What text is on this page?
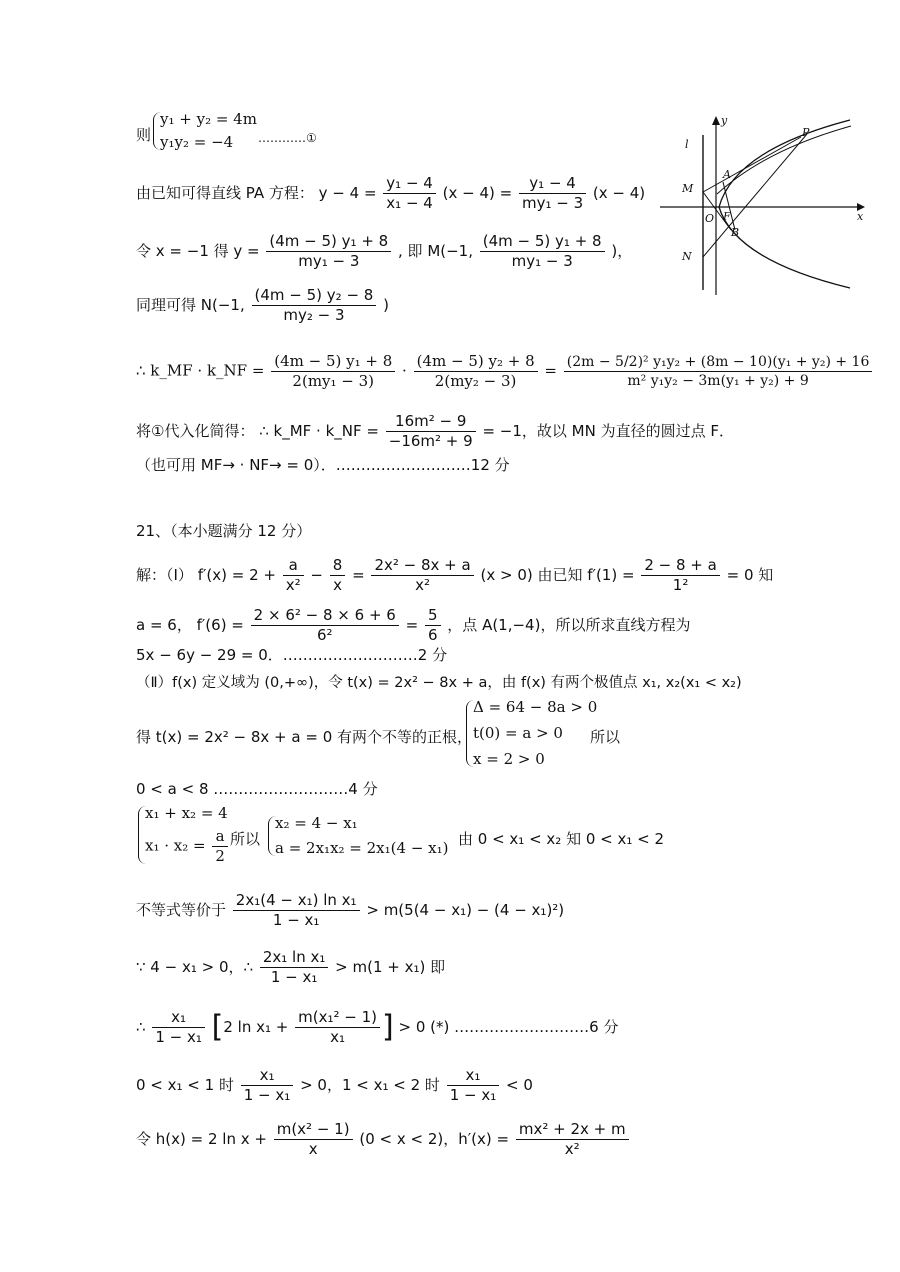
则
y₁ + y₂ = 4m
y₁y₂ = −4	…………①
由已知可得直线 PA 方程： $y - 4 = \frac{\text{y₁ − 4}}{\text{x₁ − 4}} (x - 4) = \frac{\text{y₁ − 4}}{\text{my₁ − 3}} (x - 4)$
令 x = −1 得 $y = \frac{\text{(4m − 5) y₁ + 8}}{\text{my₁ − 3}}$ , 即 M(−1, $\frac{\text{(4m − 5) y₁ + 8}}{\text{my₁ − 3}}$ )，
同理可得 N(−1, $\frac{\text{(4m − 5) y₂ − 8}}{\text{my₂ − 3}}$ )
∴ k_MF · k_NF = $\frac{\text{(4m − 5) y₁ + 8}}{\text{2(my₁ − 3)}} \cdot \frac{\text{(4m − 5) y₂ + 8}}{\text{2(my₂ − 3)}} = \frac{\text{(2m − 5/2)² y₁y₂ + (8m − 10)(y₁ + y₂) + 16}}{\text{m² y₁y₂ − 3m(y₁ + y₂) + 9}}$
将①代入化简得： ∴ k_MF · k_NF = $\frac{\text{16m² − 9}}{\text{−16m² + 9}} = -1$，故以 MN 为直径的圆过点 F．
（也可用 MF→ · NF→ = 0）．………………………12 分
P
M
A
O F
B
N
l
y
x
21、（本小题满分 12 分）
解：（Ⅰ） $f'(x) = 2 + \frac{a}{\text{x²}} - \frac{8}{x} = \frac{\text{2x² − 8x + a}}{\text{x²}} (x > 0)$ 由已知 $f'(1) = \frac{2 - 8 + a}{\text{1²}} = 0$ 知
a = 6， $f'(6) = \frac{\text{2 × 6² − 8 × 6 + 6}}{\text{6²}} = \frac{5}{6}$ ，点 A(1,−4)，所以所求直线方程为
5x − 6y − 29 = 0．………………………2 分
（Ⅱ）f(x) 定义域为 (0,+∞)，令 t(x) = 2x² − 8x + a，由 f(x) 有两个极值点 x₁, x₂(x₁ < x₂)
得 t(x) = 2x² − 8x + a = 0 有两个不等的正根，
Δ = 64 − 8a > 0
t(0) = a > 0
x = 2 > 0
所以
0 < a < 8 ………………………4 分
x₁ + x₂ = 4
$x_1 \cdot x_2 = \frac{a}{2}$ 所以
x₂ = 4 − x₁
a = 2x₁x₂ = 2x₁(4 − x₁) 由 0 < x₁ < x₂ 知 0 < x₁ < 2
不等式等价于 $\frac{\text{2x₁(4 − x₁) ln x₁}}{\text{1 − x₁}} > m(5(4 - x_1) - (4 - x_1)^2)$
∵ 4 − x₁ > 0，∴ $\frac{\text{2x₁ ln x₁}}{\text{1 − x₁}} > m(1 + x_1)$ 即
∴ $\frac{\text{x₁}}{\text{1 − x₁}} [2$ $\ln x_1 + \frac{\text{m(x₁² − 1)}}{\text{x₁}}$ ] > 0 (*) ………………………6 分
0 < x₁ < 1 时 $\frac{\text{x₁}}{\text{1 − x₁}} > 0$，1 < x₁ < 2 时 $\frac{\text{x₁}}{\text{1 − x₁}} < 0$
令 h(x) = 2 $\ln x + \frac{\text{m(x² − 1)}}{x} (0 < x < 2)$，$h'(x) = \frac{\text{mx² + 2x + m}}{\text{x²}}$
